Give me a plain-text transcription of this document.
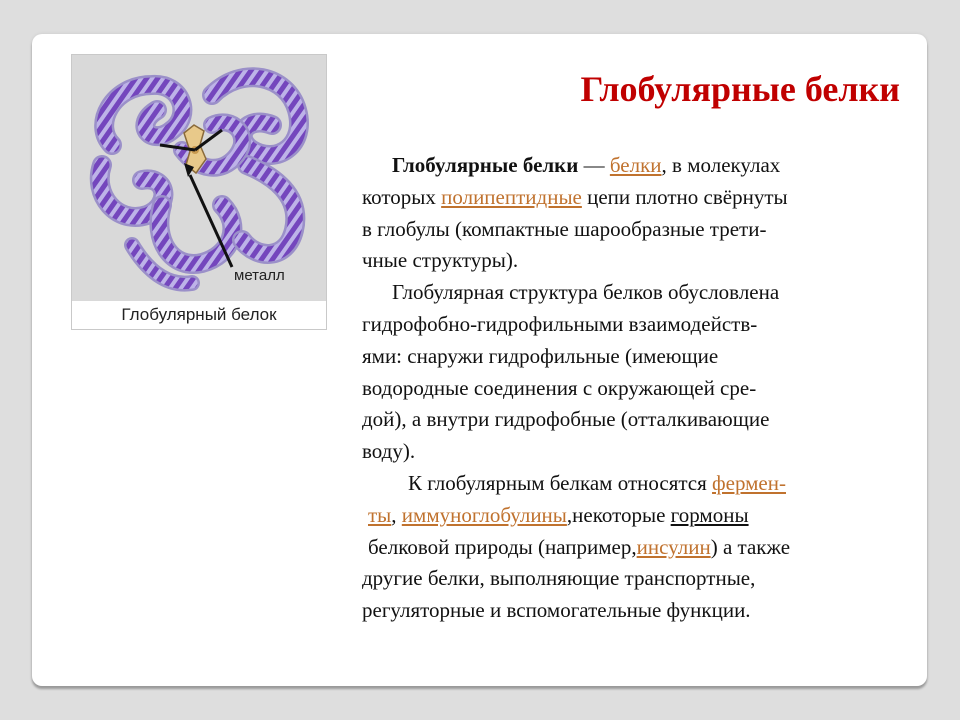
металл
Глобулярный белок
Глобулярные белки
Глобулярные белки — белки, в молекулах
которых полипептидные цепи плотно свёрнуты
в глобулы (компактные шарообразные трети-
чные структуры).
Глобулярная структура белков обусловлена
гидрофобно-гидрофильными взаимодейств-
ями: снаружи гидрофильные (имеющие
водородные соединения с окружающей сре-
дой), а внутри гидрофобные (отталкивающие
воду).
К глобулярным белкам относятся фермен-
ты, иммуноглобулины,некоторые гормоны
белковой природы (например,инсулин) а также
другие белки, выполняющие транспортные,
регуляторные и вспомогательные функции.
